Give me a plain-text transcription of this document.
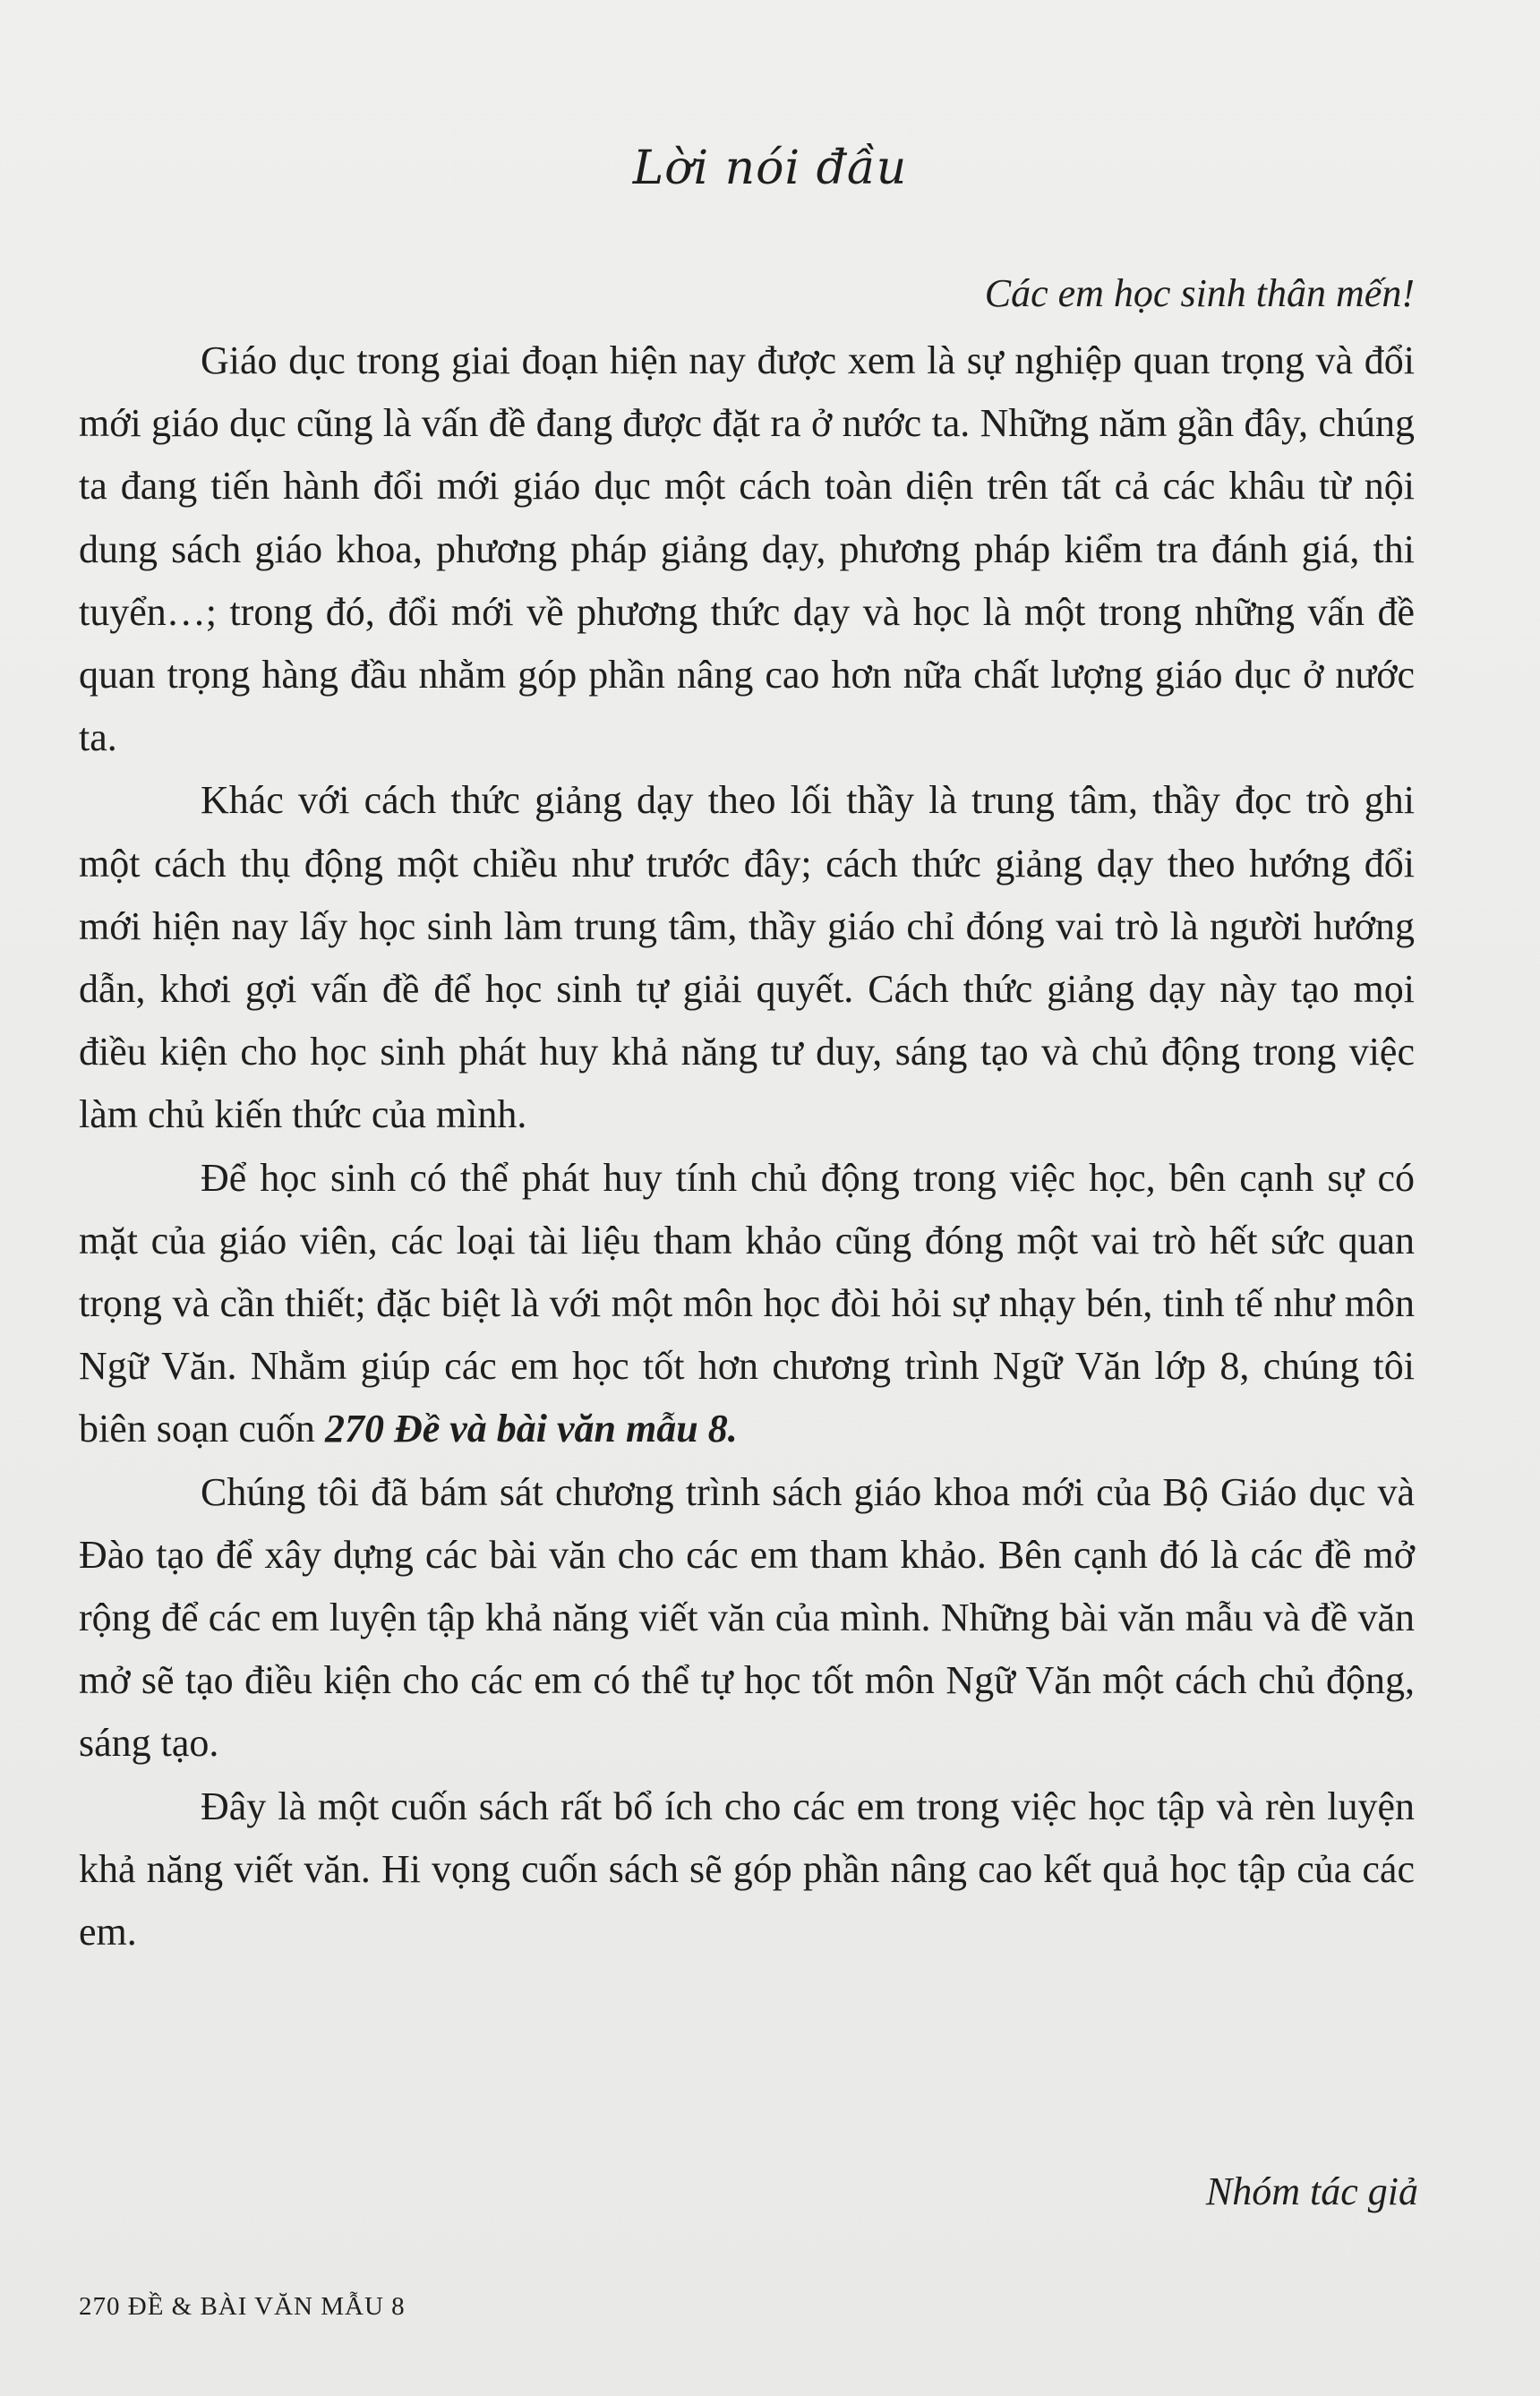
Lời nói đầu
Các em học sinh thân mến!

Giáo dục trong giai đoạn hiện nay được xem là sự nghiệp quan trọng và đổi mới giáo dục cũng là vấn đề đang được đặt ra ở nước ta. Những năm gần đây, chúng ta đang tiến hành đổi mới giáo dục một cách toàn diện trên tất cả các khâu từ nội dung sách giáo khoa, phương pháp giảng dạy, phương pháp kiểm tra đánh giá, thi tuyển…; trong đó, đổi mới về phương thức dạy và học là một trong những vấn đề quan trọng hàng đầu nhằm góp phần nâng cao hơn nữa chất lượng giáo dục ở nước ta.

Khác với cách thức giảng dạy theo lối thầy là trung tâm, thầy đọc trò ghi một cách thụ động một chiều như trước đây; cách thức giảng dạy theo hướng đổi mới hiện nay lấy học sinh làm trung tâm, thầy giáo chỉ đóng vai trò là người hướng dẫn, khơi gợi vấn đề để học sinh tự giải quyết. Cách thức giảng dạy này tạo mọi điều kiện cho học sinh phát huy khả năng tư duy, sáng tạo và chủ động trong việc làm chủ kiến thức của mình.

Để học sinh có thể phát huy tính chủ động trong việc học, bên cạnh sự có mặt của giáo viên, các loại tài liệu tham khảo cũng đóng một vai trò hết sức quan trọng và cần thiết; đặc biệt là với một môn học đòi hỏi sự nhạy bén, tinh tế như môn Ngữ Văn. Nhằm giúp các em học tốt hơn chương trình Ngữ Văn lớp 8, chúng tôi biên soạn cuốn 270 Đề và bài văn mẫu 8.

Chúng tôi đã bám sát chương trình sách giáo khoa mới của Bộ Giáo dục và Đào tạo để xây dựng các bài văn cho các em tham khảo. Bên cạnh đó là các đề mở rộng để các em luyện tập khả năng viết văn của mình. Những bài văn mẫu và đề văn mở sẽ tạo điều kiện cho các em có thể tự học tốt môn Ngữ Văn một cách chủ động, sáng tạo.

Đây là một cuốn sách rất bổ ích cho các em trong việc học tập và rèn luyện khả năng viết văn. Hi vọng cuốn sách sẽ góp phần nâng cao kết quả học tập của các em.

Nhóm tác giả
270 ĐỀ & BÀI VĂN MẪU 8
